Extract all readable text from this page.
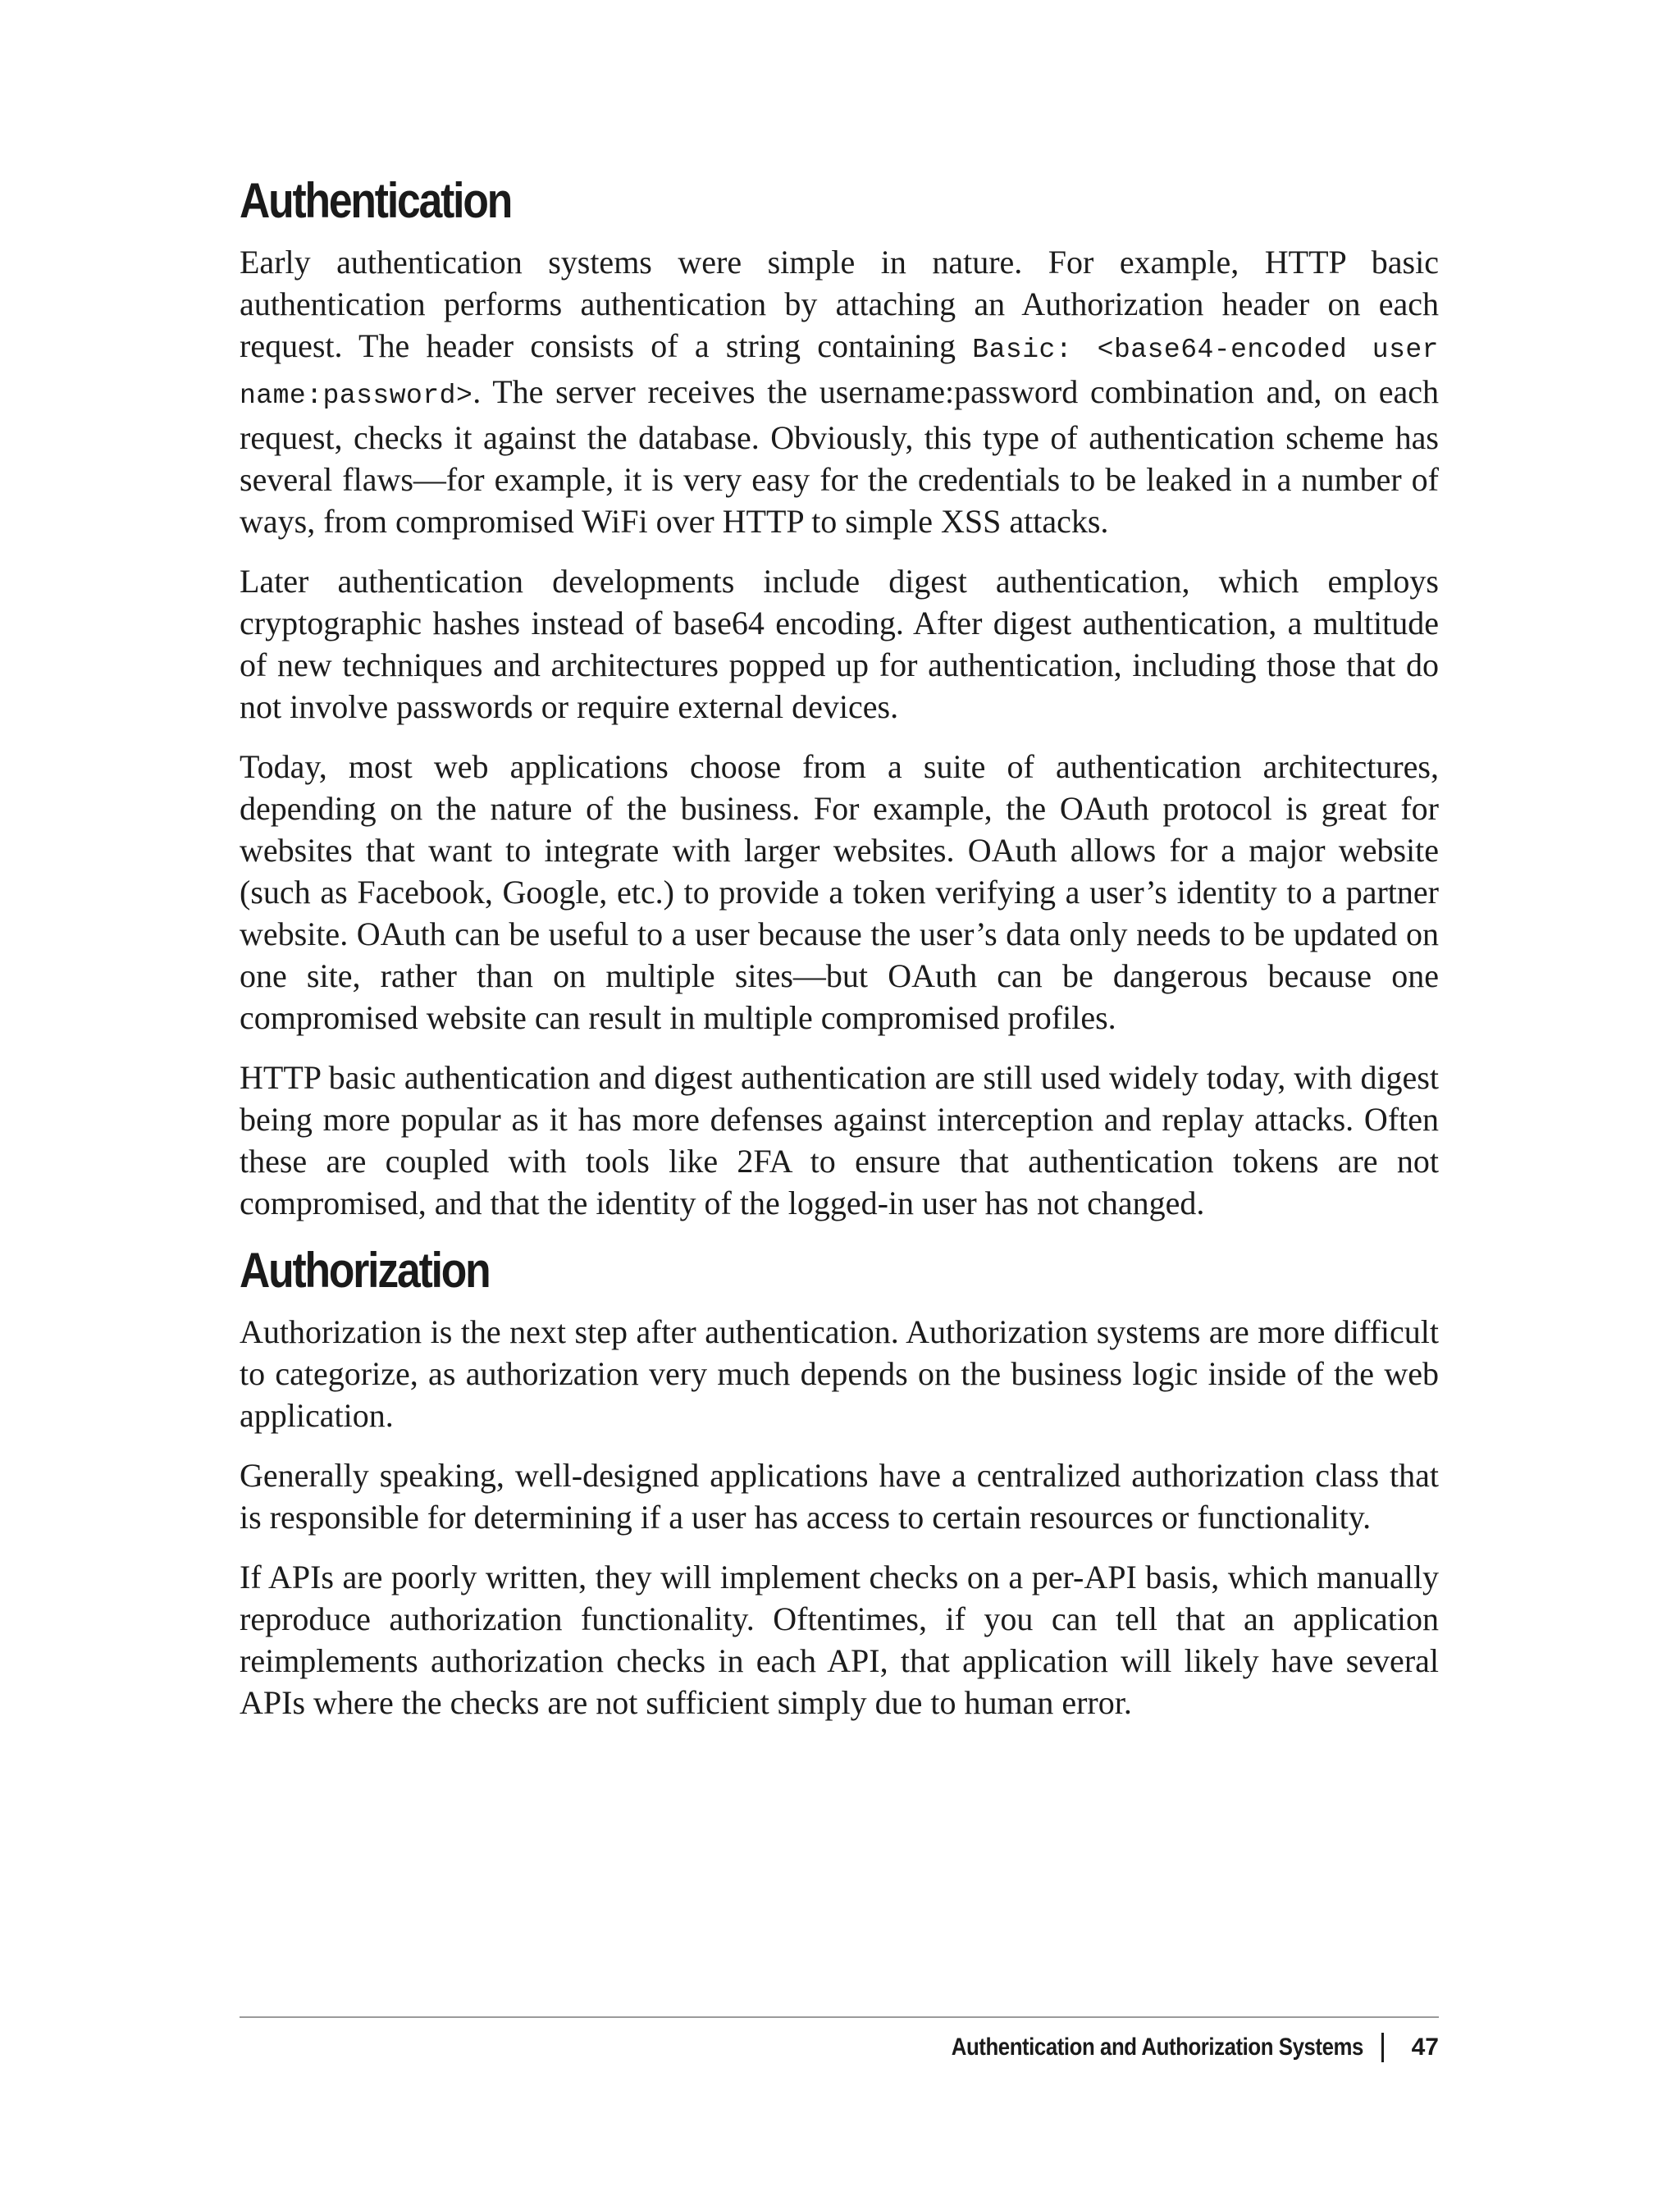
Authentication

Early authentication systems were simple in nature. For example, HTTP basic authentication performs authentication by attaching an Authorization header on each request. The header consists of a string containing Basic: <base64-encoded user name:password>. The server receives the username:password combination and, on each request, checks it against the database. Obviously, this type of authentication scheme has several flaws—for example, it is very easy for the credentials to be leaked in a number of ways, from compromised WiFi over HTTP to simple XSS attacks.

Later authentication developments include digest authentication, which employs cryptographic hashes instead of base64 encoding. After digest authentication, a multitude of new techniques and architectures popped up for authentication, including those that do not involve passwords or require external devices.

Today, most web applications choose from a suite of authentication architectures, depending on the nature of the business. For example, the OAuth protocol is great for websites that want to integrate with larger websites. OAuth allows for a major website (such as Facebook, Google, etc.) to provide a token verifying a user’s identity to a partner website. OAuth can be useful to a user because the user’s data only needs to be updated on one site, rather than on multiple sites—but OAuth can be dangerous because one compromised website can result in multiple compromised profiles.

HTTP basic authentication and digest authentication are still used widely today, with digest being more popular as it has more defenses against interception and replay attacks. Often these are coupled with tools like 2FA to ensure that authentication tokens are not compromised, and that the identity of the logged-in user has not changed.

Authorization

Authorization is the next step after authentication. Authorization systems are more difficult to categorize, as authorization very much depends on the business logic inside of the web application.

Generally speaking, well-designed applications have a centralized authorization class that is responsible for determining if a user has access to certain resources or functionality.

If APIs are poorly written, they will implement checks on a per-API basis, which manually reproduce authorization functionality. Oftentimes, if you can tell that an application reimplements authorization checks in each API, that application will likely have several APIs where the checks are not sufficient simply due to human error.

Authentication and Authorization Systems 47
